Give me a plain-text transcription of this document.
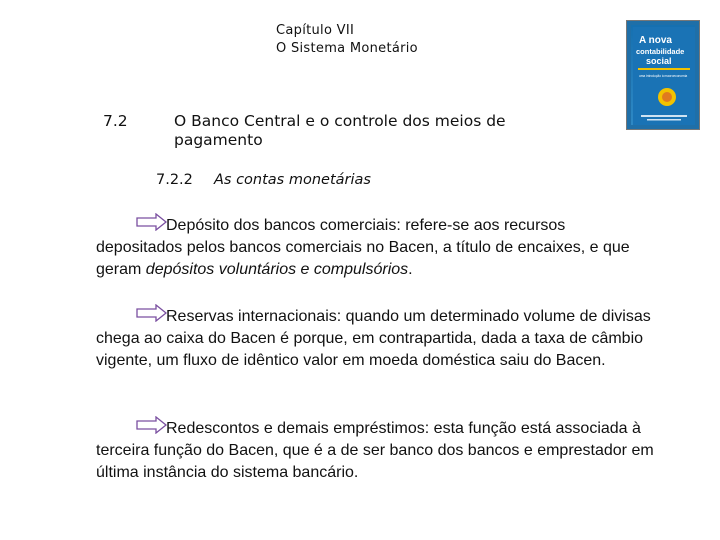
Capítulo VII
O Sistema Monetário
A nova
contabilidade
social
uma introdução à macroeconomia
7.2	O Banco Central e o controle dos meios de pagamento
7.2.2 As contas monetárias
Depósito dos bancos comerciais: refere-se aos recursos depositados pelos bancos comerciais no Bacen, a título de encaixes, e que geram depósitos voluntários e compulsórios.
Reservas internacionais: quando um determinado volume de divisas chega ao caixa do Bacen é porque, em contrapartida, dada a taxa de câmbio vigente, um fluxo de idêntico valor em moeda doméstica saiu do Bacen.
Redescontos e demais empréstimos: esta função está associada à terceira função do Bacen, que é a de ser banco dos bancos e emprestador em última instância do sistema bancário.
